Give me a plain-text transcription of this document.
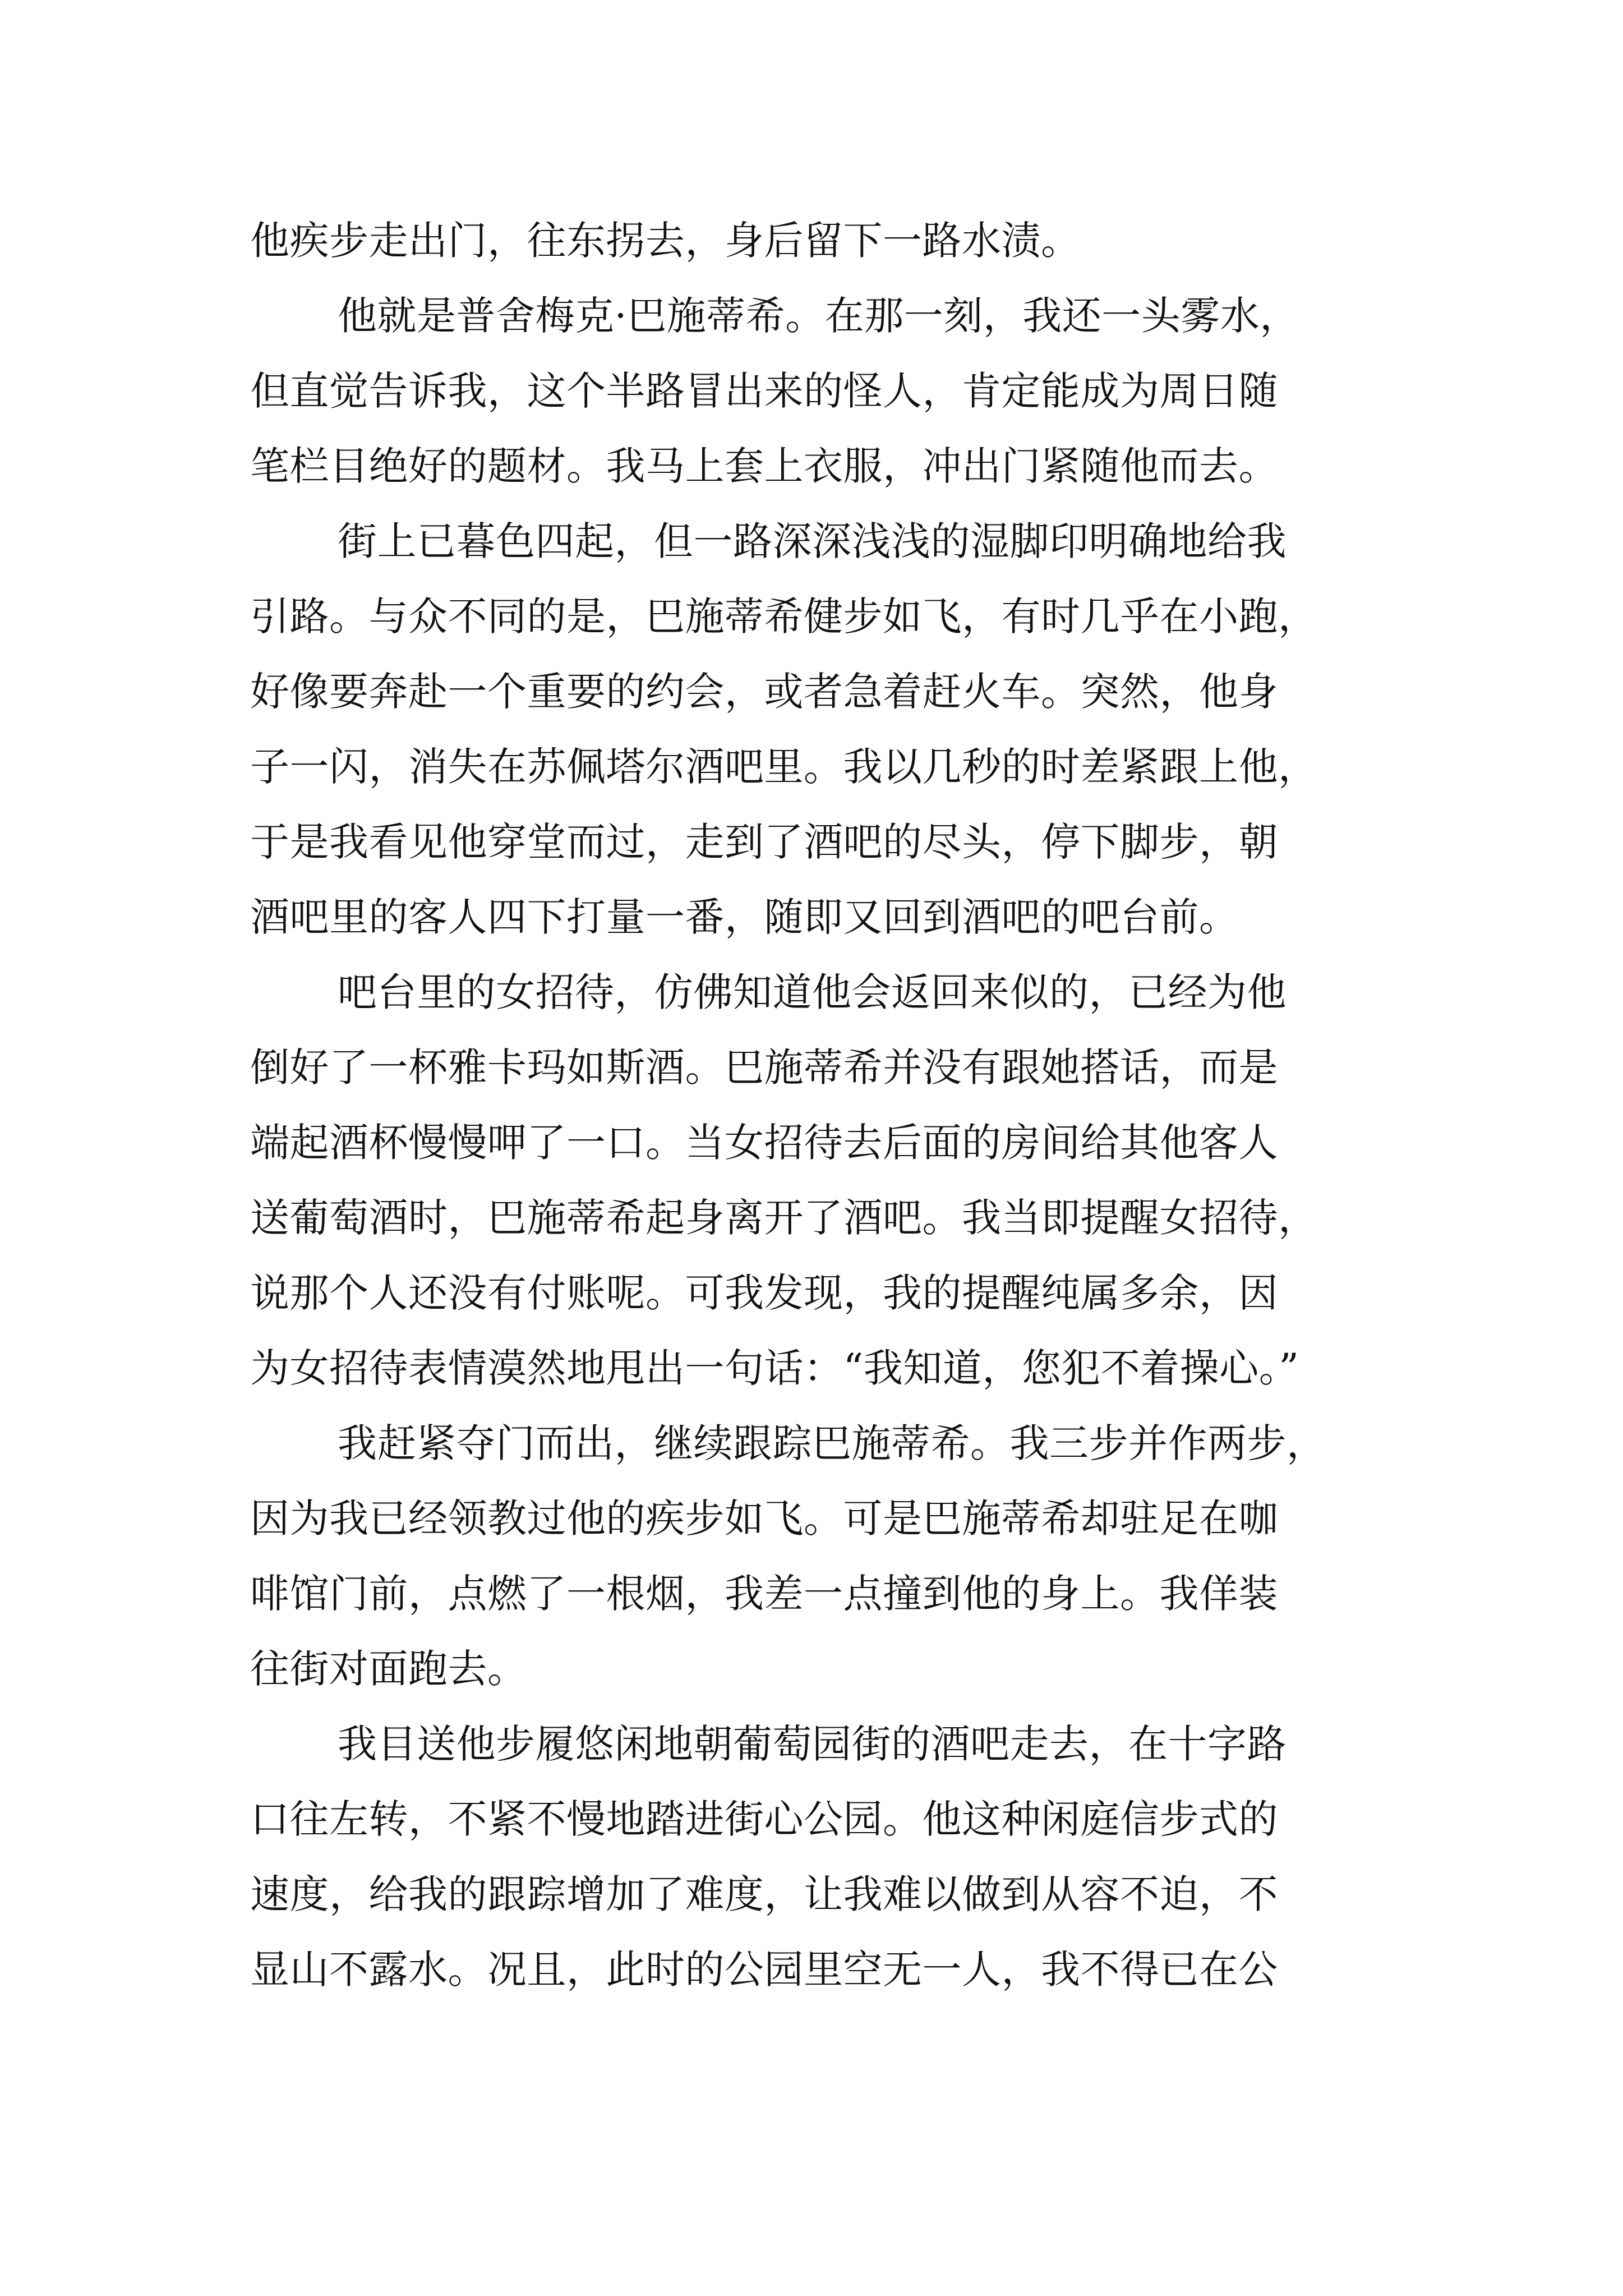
他疾步走出门，往东拐去，身后留下一路水渍。
他就是普舍梅克·巴施蒂希。在那一刻，我还一头雾水，
但直觉告诉我，这个半路冒出来的怪人，肯定能成为周日随
笔栏目绝好的题材。我马上套上衣服，冲出门紧随他而去。
街上已暮色四起，但一路深深浅浅的湿脚印明确地给我
引路。与众不同的是，巴施蒂希健步如飞，有时几乎在小跑，
好像要奔赴一个重要的约会，或者急着赶火车。突然，他身
子一闪，消失在苏佩塔尔酒吧里。我以几秒的时差紧跟上他，
于是我看见他穿堂而过，走到了酒吧的尽头，停下脚步，朝
酒吧里的客人四下打量一番，随即又回到酒吧的吧台前。
吧台里的女招待，仿佛知道他会返回来似的，已经为他
倒好了一杯雅卡玛如斯酒。巴施蒂希并没有跟她搭话，而是
端起酒杯慢慢呷了一口。当女招待去后面的房间给其他客人
送葡萄酒时，巴施蒂希起身离开了酒吧。我当即提醒女招待，
说那个人还没有付账呢。可我发现，我的提醒纯属多余，因
为女招待表情漠然地甩出一句话：“我知道，您犯不着操心。”
我赶紧夺门而出，继续跟踪巴施蒂希。我三步并作两步，
因为我已经领教过他的疾步如飞。可是巴施蒂希却驻足在咖
啡馆门前，点燃了一根烟，我差一点撞到他的身上。我佯装
往街对面跑去。
我目送他步履悠闲地朝葡萄园街的酒吧走去，在十字路
口往左转，不紧不慢地踏进街心公园。他这种闲庭信步式的
速度，给我的跟踪增加了难度，让我难以做到从容不迫，不
显山不露水。况且，此时的公园里空无一人，我不得已在公
